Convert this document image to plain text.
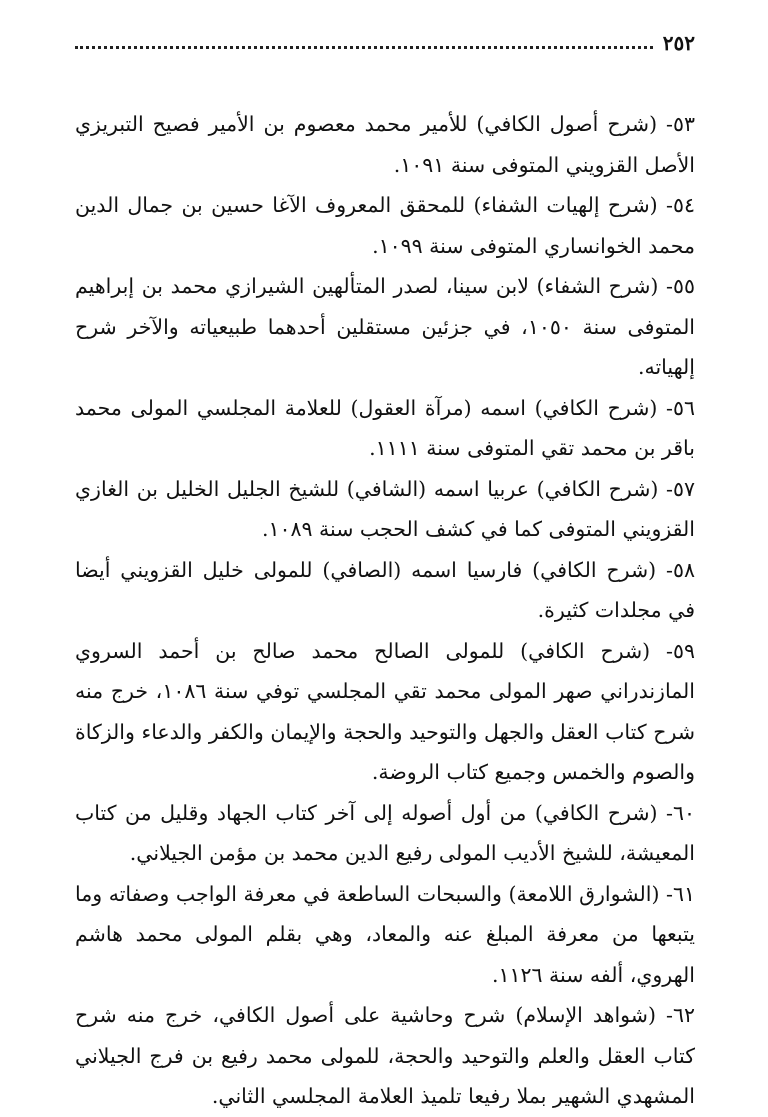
٢٥٢

٥٣- (شرح أصول الكافي) للأمير محمد معصوم بن الأمير فصيح التبريزي الأصل القزويني المتوفى سنة ١٠٩١.

٥٤- (شرح إلهيات الشفاء) للمحقق المعروف الآغا حسين بن جمال الدين محمد الخوانساري المتوفى سنة ١٠٩٩.

٥٥- (شرح الشفاء) لابن سينا، لصدر المتألهين الشيرازي محمد بن إبراهيم المتوفى سنة ١٠٥٠، في جزئين مستقلين أحدهما طبيعياته والآخر شرح إلهياته.

٥٦- (شرح الكافي) اسمه (مرآة العقول) للعلامة المجلسي المولى محمد باقر بن محمد تقي المتوفى سنة ١١١١.

٥٧- (شرح الكافي) عربيا اسمه (الشافي) للشيخ الجليل الخليل بن الغازي القزويني المتوفى كما في كشف الحجب سنة ١٠٨٩.

٥٨- (شرح الكافي) فارسيا اسمه (الصافي) للمولى خليل القزويني أيضا في مجلدات كثيرة.

٥٩- (شرح الكافي) للمولى الصالح محمد صالح بن أحمد السروي المازندراني صهر المولى محمد تقي المجلسي توفي سنة ١٠٨٦، خرج منه شرح كتاب العقل والجهل والتوحيد والحجة والإيمان والكفر والدعاء والزكاة والصوم والخمس وجميع كتاب الروضة.

٦٠- (شرح الكافي) من أول أصوله إلى آخر كتاب الجهاد وقليل من كتاب المعيشة، للشيخ الأديب المولى رفيع الدين محمد بن مؤمن الجيلاني.

٦١- (الشوارق اللامعة) والسبحات الساطعة في معرفة الواجب وصفاته وما يتبعها من معرفة المبلغ عنه والمعاد، وهي بقلم المولى محمد هاشم الهروي، ألفه سنة ١١٢٦.

٦٢- (شواهد الإسلام) شرح وحاشية على أصول الكافي، خرج منه شرح كتاب العقل والعلم والتوحيد والحجة، للمولى محمد رفيع بن فرج الجيلاني المشهدي الشهير بملا رفيعا تلميذ العلامة المجلسي الثاني.
